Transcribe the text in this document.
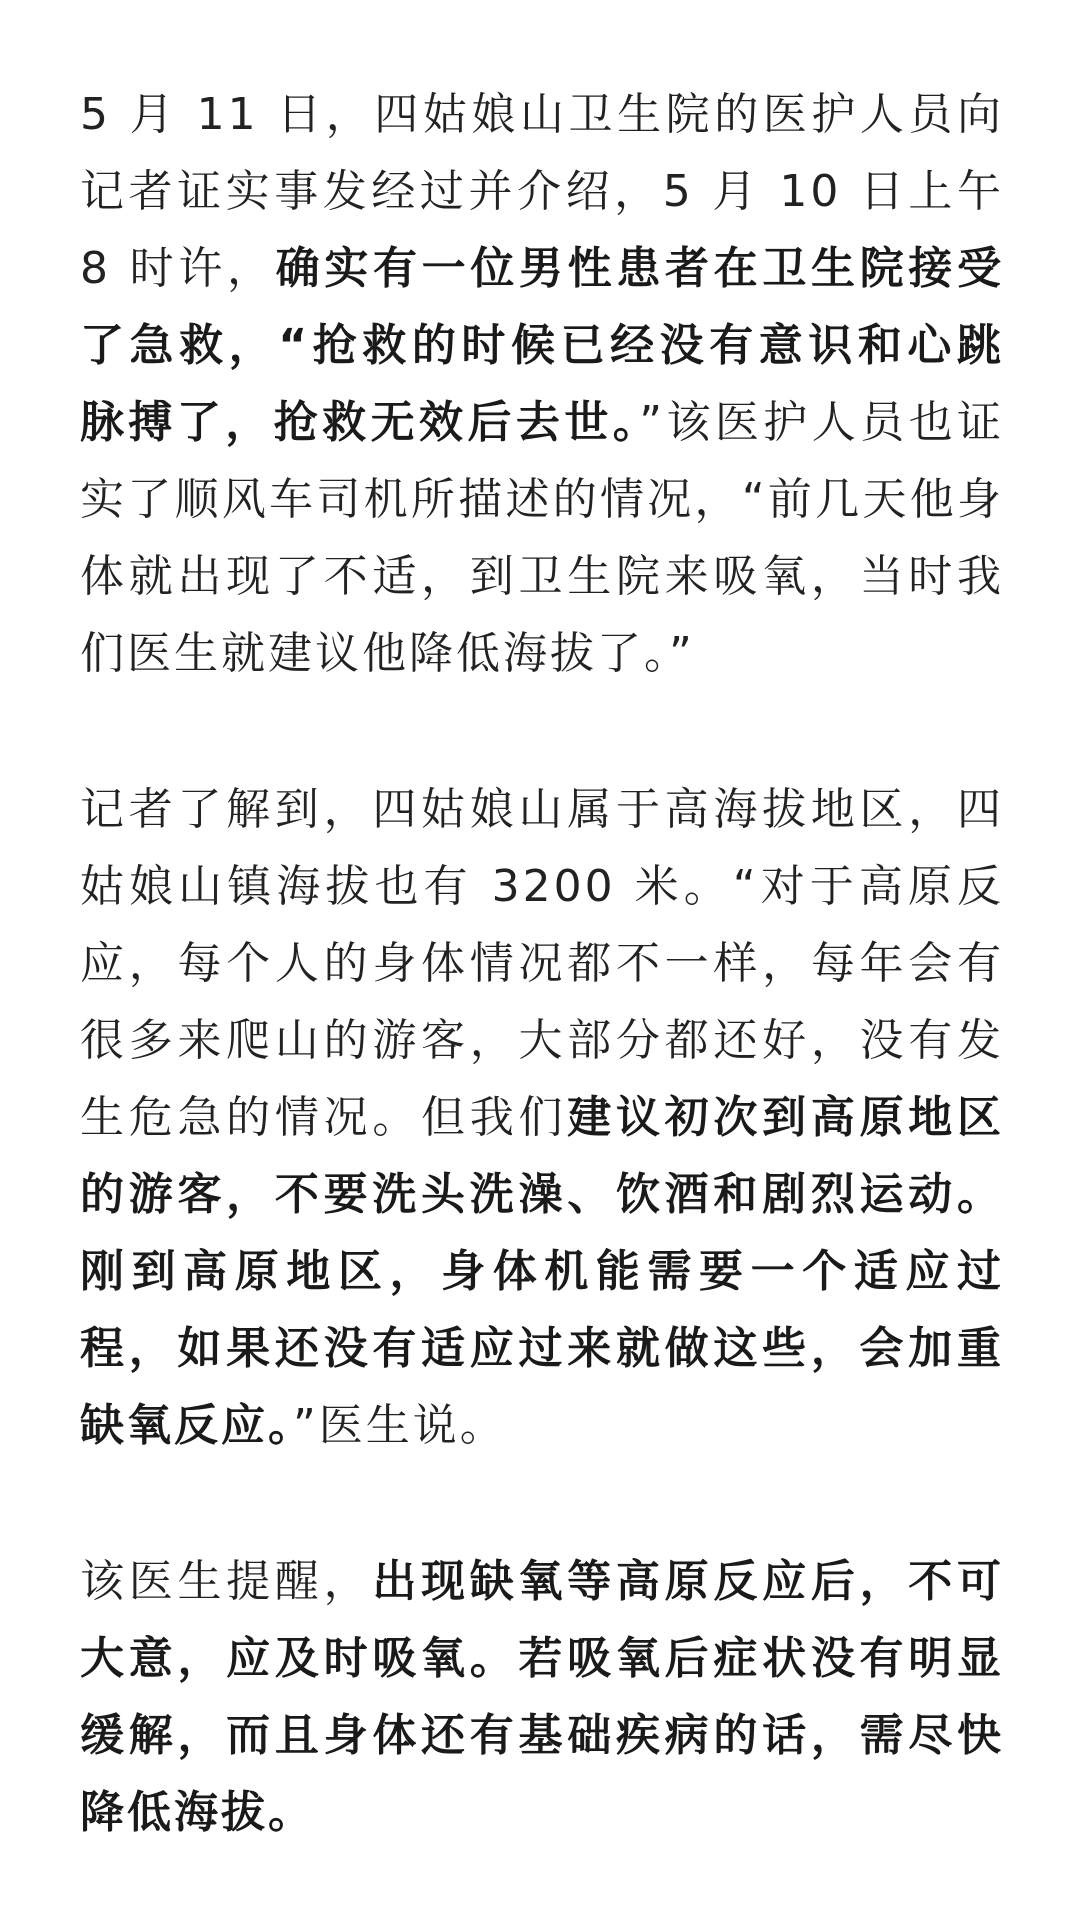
5 月 11 日，四姑娘山卫生院的医护人员向记者证实事发经过并介绍，5 月 10 日上午 8 时许，确实有一位男性患者在卫生院接受了急救，“抢救的时候已经没有意识和心跳脉搏了，抢救无效后去世。”该医护人员也证实了顺风车司机所描述的情况，“前几天他身体就出现了不适，到卫生院来吸氧，当时我们医生就建议他降低海拔了。”

记者了解到，四姑娘山属于高海拔地区，四姑娘山镇海拔也有 3200 米。“对于高原反应，每个人的身体情况都不一样，每年会有很多来爬山的游客，大部分都还好，没有发生危急的情况。但我们建议初次到高原地区的游客，不要洗头洗澡、饮酒和剧烈运动。刚到高原地区，身体机能需要一个适应过程，如果还没有适应过来就做这些，会加重缺氧反应。”医生说。

该医生提醒，出现缺氧等高原反应后，不可大意，应及时吸氧。若吸氧后症状没有明显缓解，而且身体还有基础疾病的话，需尽快降低海拔。
